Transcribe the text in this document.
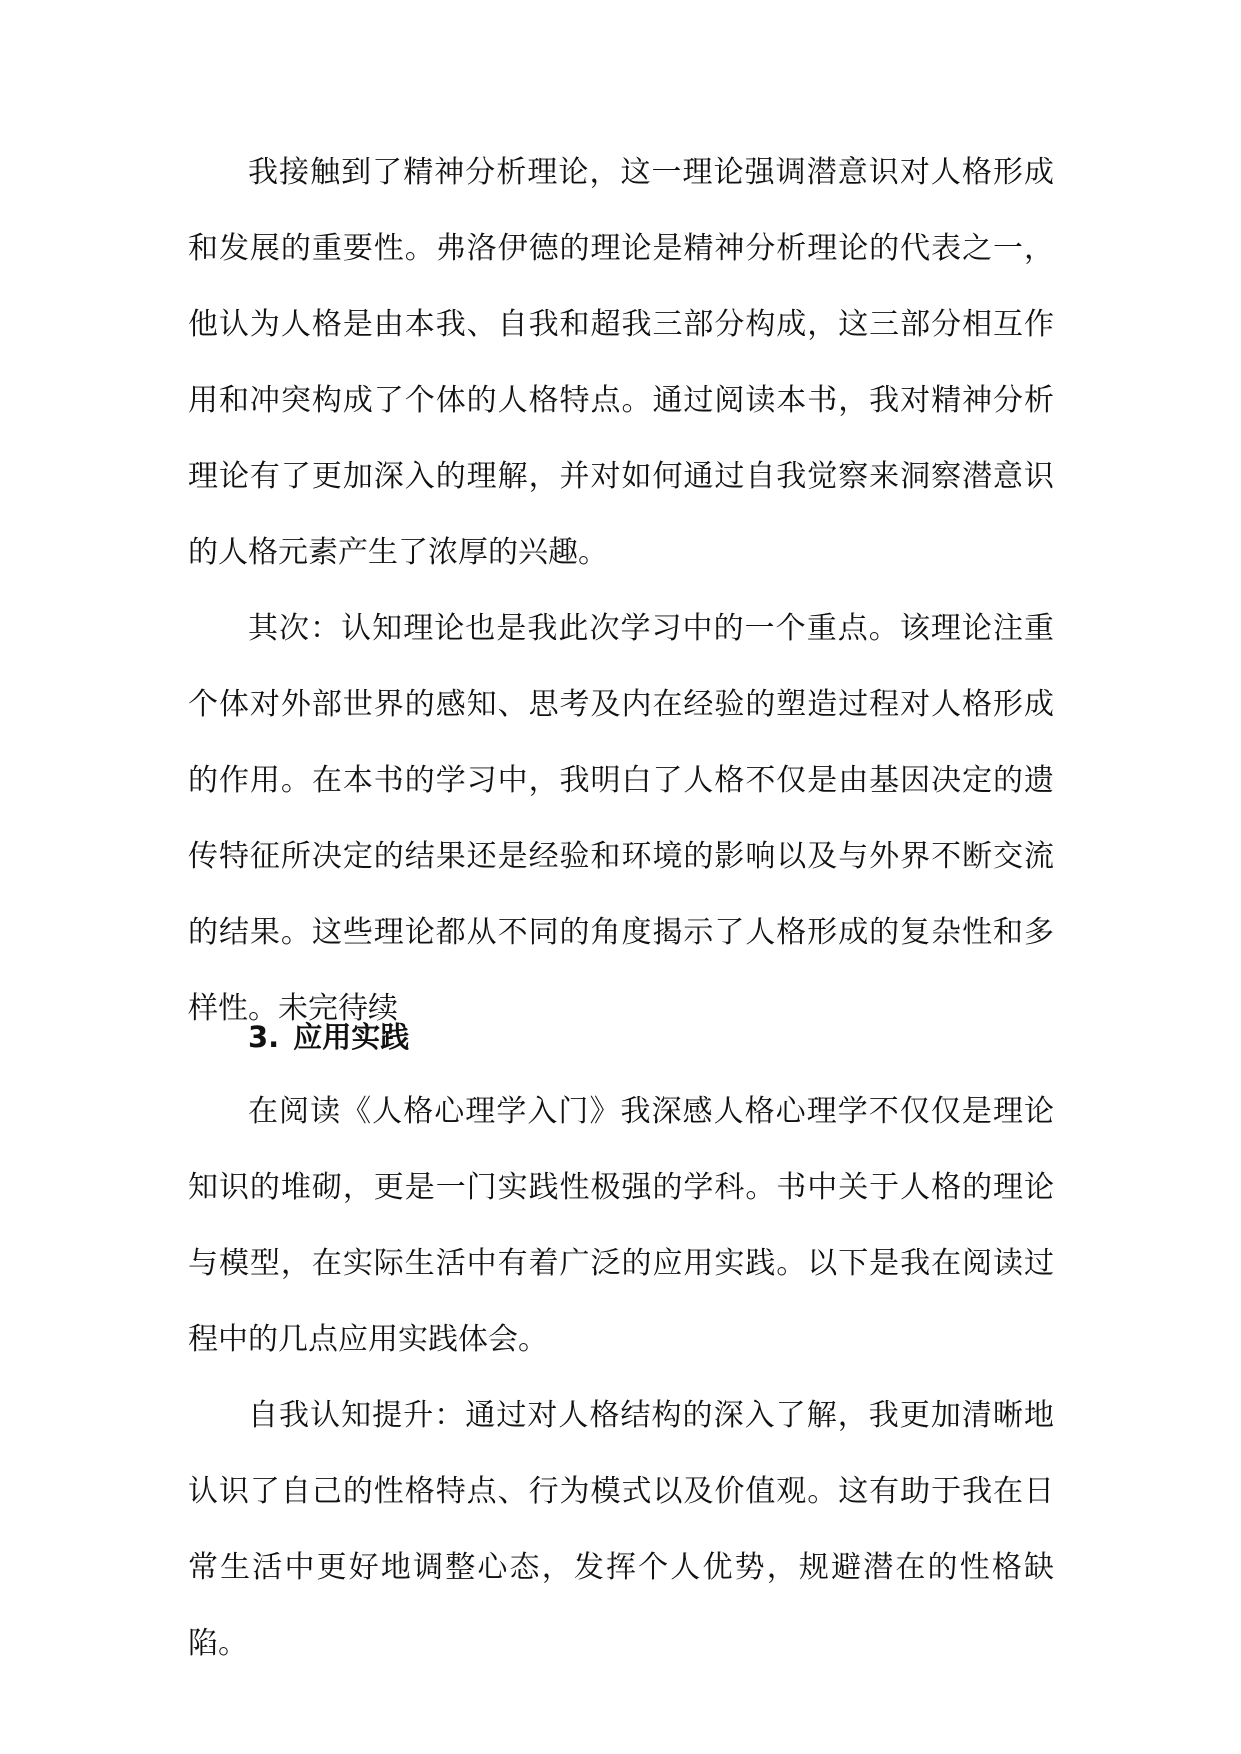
我接触到了精神分析理论，这一理论强调潜意识对人格形成和发展的重要性。弗洛伊德的理论是精神分析理论的代表之一，他认为人格是由本我、自我和超我三部分构成，这三部分相互作用和冲突构成了个体的人格特点。通过阅读本书，我对精神分析理论有了更加深入的理解，并对如何通过自我觉察来洞察潜意识的人格元素产生了浓厚的兴趣。

其次：认知理论也是我此次学习中的一个重点。该理论注重个体对外部世界的感知、思考及内在经验的塑造过程对人格形成的作用。在本书的学习中，我明白了人格不仅是由基因决定的遗传特征所决定的结果还是经验和环境的影响以及与外界不断交流的结果。这些理论都从不同的角度揭示了人格形成的复杂性和多样性。未完待续

3. 应用实践

在阅读《人格心理学入门》我深感人格心理学不仅仅是理论知识的堆砌，更是一门实践性极强的学科。书中关于人格的理论与模型，在实际生活中有着广泛的应用实践。以下是我在阅读过程中的几点应用实践体会。

自我认知提升：通过对人格结构的深入了解，我更加清晰地认识了自己的性格特点、行为模式以及价值观。这有助于我在日常生活中更好地调整心态，发挥个人优势，规避潜在的性格缺陷。
